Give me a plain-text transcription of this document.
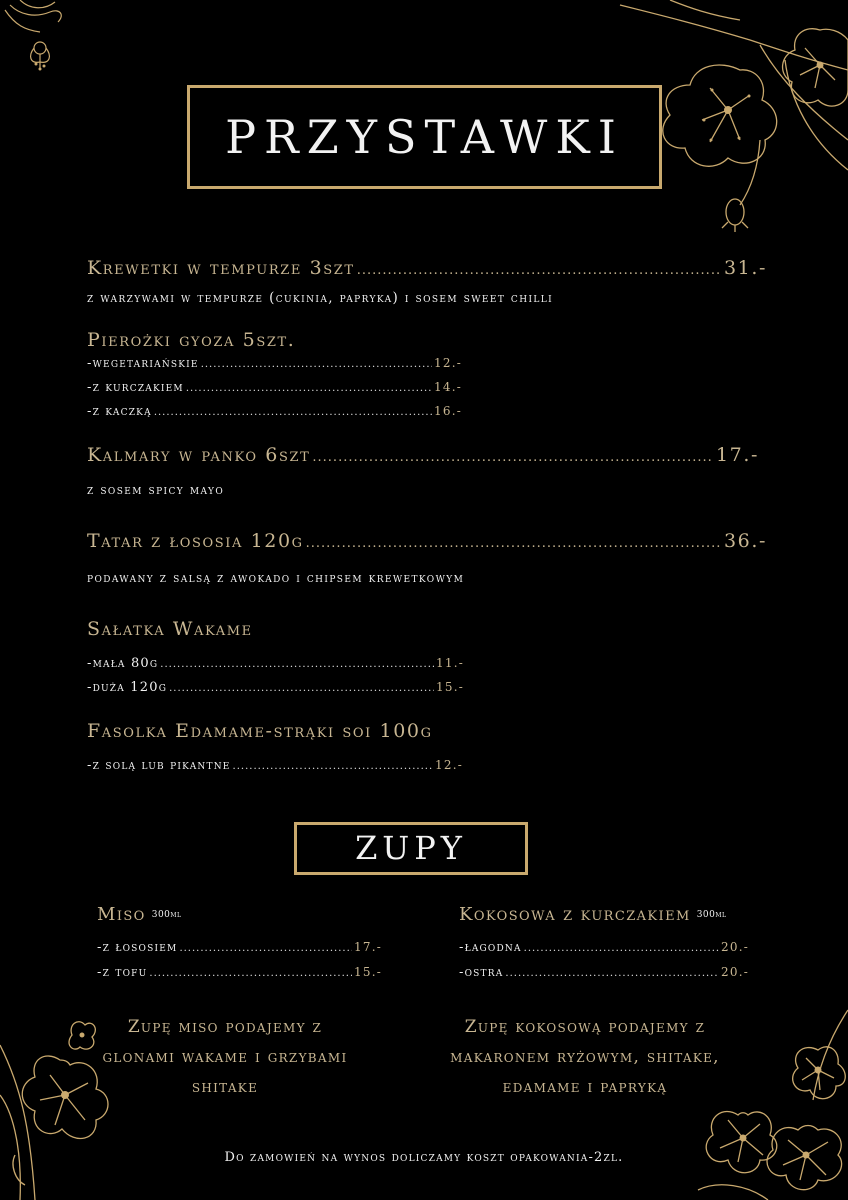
PRZYSTAWKI
Krewetki w tempurze 3szt .....	31.-
z warzywami w tempurze (cukinia, papryka) i sosem sweet chilli
Pierożki gyoza 5szt.
-wegetariańskie .....	12.-
-z kurczakiem .....	14.-
-z kaczką .....	16.-
Kalmary w panko 6szt .....	17.-
z sosem spicy mayo
Tatar z łososia 120g .....	36.-
podawany z salsą z awokado i chipsem krewetkowym
Sałatka Wakame
-mała 80g .....	11.-
-duża 120g .....	15.-
Fasolka Edamame-strąki soi 100g
-z solą lub pikantne .....	12.-
ZUPY
Miso 300ml
-z łososiem .....	17.-
-z tofu .....	15.-
Zupę miso podajemy z glonami wakame i grzybami shitake
Kokosowa z kurczakiem 300ml
-łagodna .....	20.-
-ostra .....	20.-
Zupę kokosową podajemy z makaronem ryżowym, shitake, edamame i papryką
Do zamowień na wynos doliczamy koszt opakowania-2zl.
